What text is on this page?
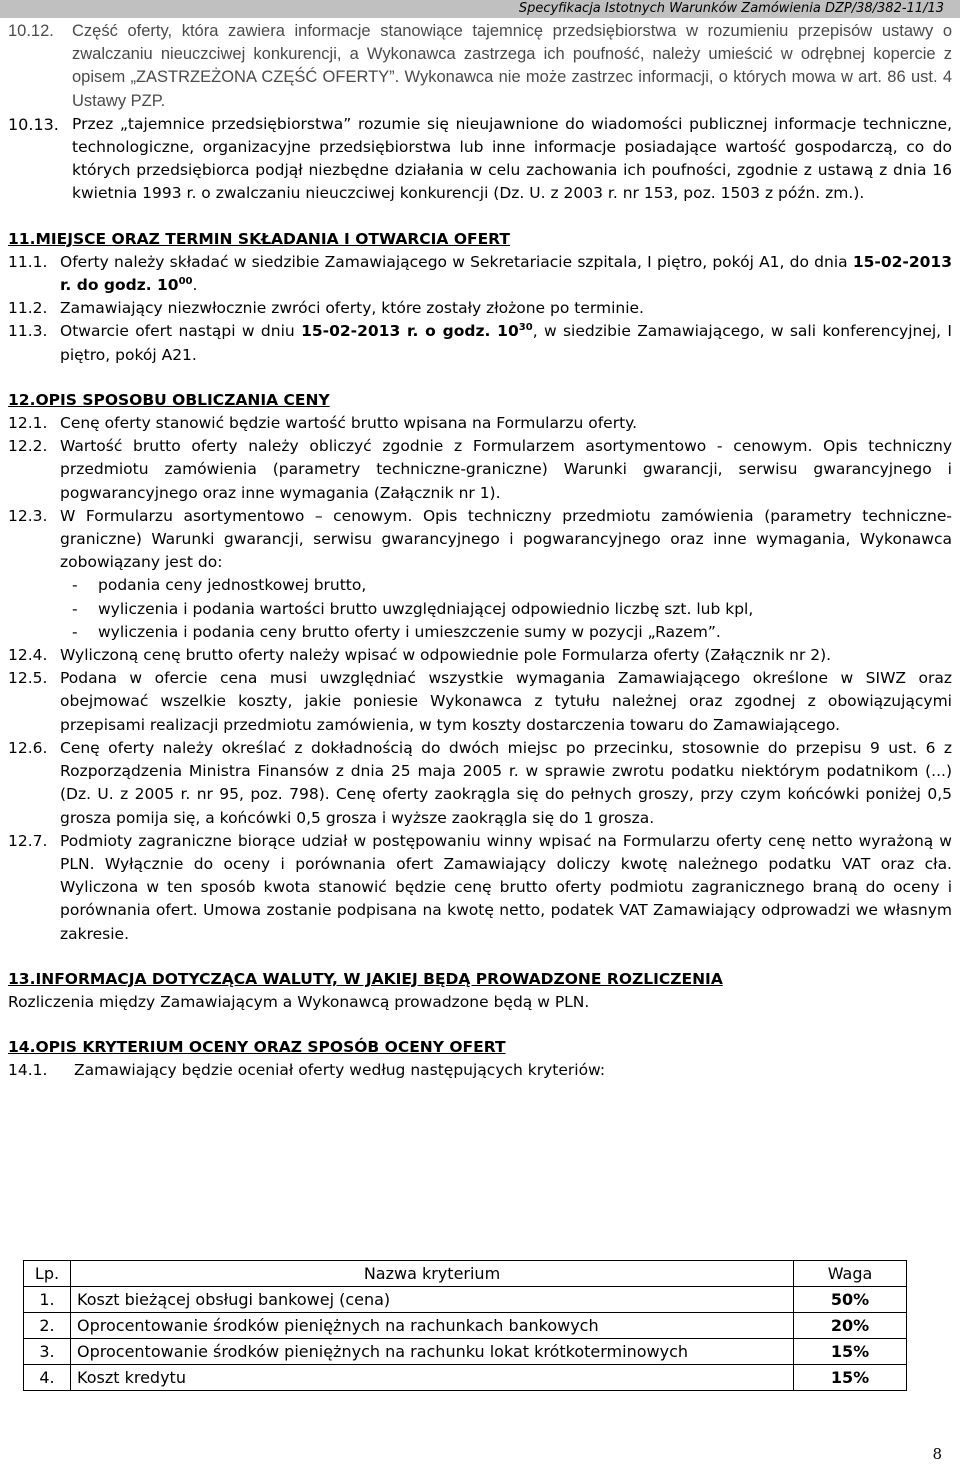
Specyfikacja Istotnych Warunków Zamówienia DZP/38/382-11/13
10.12. Część oferty, która zawiera informacje stanowiące tajemnicę przedsiębiorstwa w rozumieniu przepisów ustawy o zwalczaniu nieuczciwej konkurencji, a Wykonawca zastrzega ich poufność, należy umieścić w odrębnej kopercie z opisem „ZASTRZEŻONA CZĘŚĆ OFERTY”. Wykonawca nie może zastrzec informacji, o których mowa w art. 86 ust. 4 Ustawy PZP.
10.13. Przez „tajemnice przedsiębiorstwa” rozumie się nieujawnione do wiadomości publicznej informacje techniczne, technologiczne, organizacyjne przedsiębiorstwa lub inne informacje posiadające wartość gospodarczą, co do których przedsiębiorca podjął niezbędne działania w celu zachowania ich poufności, zgodnie z ustawą z dnia 16 kwietnia 1993 r. o zwalczaniu nieuczciwej konkurencji (Dz. U. z 2003 r. nr 153, poz. 1503 z późn. zm.).
11.MIEJSCE ORAZ TERMIN SKŁADANIA I OTWARCIA OFERT
11.1. Oferty należy składać w siedzibie Zamawiającego w Sekretariacie szpitala, I piętro, pokój A1, do dnia 15-02-2013 r. do godz. $10^{00}$.
11.2. Zamawiający niezwłocznie zwróci oferty, które zostały złożone po terminie.
11.3. Otwarcie ofert nastąpi w dniu 15-02-2013 r. o godz. $10^{30}$, w siedzibie Zamawiającego, w sali konferencyjnej, I piętro, pokój A21.
12.OPIS SPOSOBU OBLICZANIA CENY
12.1. Cenę oferty stanowić będzie wartość brutto wpisana na Formularzu oferty.
12.2. Wartość brutto oferty należy obliczyć zgodnie z Formularzem asortymentowo - cenowym. Opis techniczny przedmiotu zamówienia (parametry techniczne-graniczne) Warunki gwarancji, serwisu gwarancyjnego i pogwarancyjnego oraz inne wymagania (Załącznik nr 1).
12.3. W Formularzu asortymentowo – cenowym. Opis techniczny przedmiotu zamówienia (parametry techniczne-graniczne) Warunki gwarancji, serwisu gwarancyjnego i pogwarancyjnego oraz inne wymagania, Wykonawca zobowiązany jest do:
- podania ceny jednostkowej brutto,
- wyliczenia i podania wartości brutto uwzględniającej odpowiednio liczbę szt. lub kpl,
- wyliczenia i podania ceny brutto oferty i umieszczenie sumy w pozycji „Razem”.
12.4. Wyliczoną cenę brutto oferty należy wpisać w odpowiednie pole Formularza oferty (Załącznik nr 2).
12.5. Podana w ofercie cena musi uwzględniać wszystkie wymagania Zamawiającego określone w SIWZ oraz obejmować wszelkie koszty, jakie poniesie Wykonawca z tytułu należnej oraz zgodnej z obowiązującymi przepisami realizacji przedmiotu zamówienia, w tym koszty dostarczenia towaru do Zamawiającego.
12.6. Cenę oferty należy określać z dokładnością do dwóch miejsc po przecinku, stosownie do przepisu 9 ust. 6 z Rozporządzenia Ministra Finansów z dnia 25 maja 2005 r. w sprawie zwrotu podatku niektórym podatnikom (...) (Dz. U. z 2005 r. nr 95, poz. 798). Cenę oferty zaokrągla się do pełnych groszy, przy czym końcówki poniżej 0,5 grosza pomija się, a końcówki 0,5 grosza i wyższe zaokrągla się do 1 grosza.
12.7. Podmioty zagraniczne biorące udział w postępowaniu winny wpisać na Formularzu oferty cenę netto wyrażoną w PLN. Wyłącznie do oceny i porównania ofert Zamawiający doliczy kwotę należnego podatku VAT oraz cła. Wyliczona w ten sposób kwota stanowić będzie cenę brutto oferty podmiotu zagranicznego braną do oceny i porównania ofert. Umowa zostanie podpisana na kwotę netto, podatek VAT Zamawiający odprowadzi we własnym zakresie.
13.INFORMACJA DOTYCZĄCA WALUTY, W JAKIEJ BĘDĄ PROWADZONE ROZLICZENIA
Rozliczenia między Zamawiającym a Wykonawcą prowadzone będą w PLN.
14.OPIS KRYTERIUM OCENY ORAZ SPOSÓB OCENY OFERT
14.1. Zamawiający będzie oceniał oferty według następujących kryteriów:
Lp.	Nazwa kryterium	Waga
1.	Koszt bieżącej obsługi bankowej (cena)	50%
2.	Oprocentowanie środków pieniężnych na rachunkach bankowych	20%
3.	Oprocentowanie środków pieniężnych na rachunku lokat krótkoterminowych	15%
4.	Koszt kredytu	15%
8
